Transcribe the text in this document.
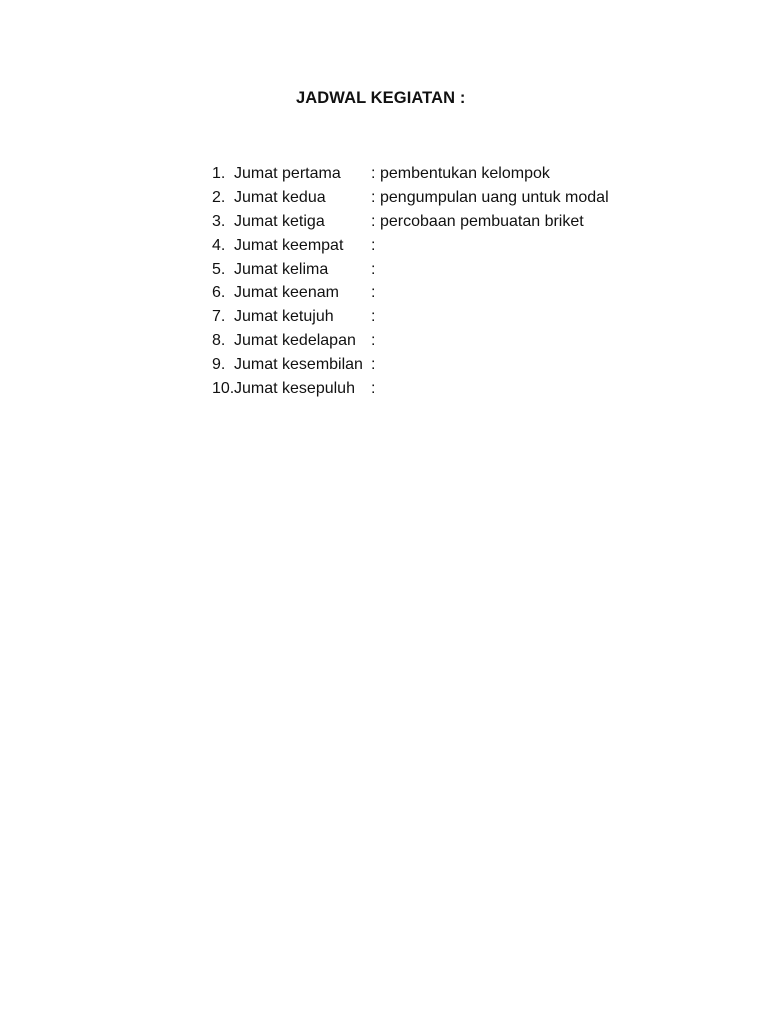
JADWAL KEGIATAN :
1. Jumat pertama : pembentukan kelompok
2. Jumat kedua	: pengumpulan uang untuk modal
3. Jumat ketiga	: percobaan pembuatan briket
4. Jumat keempat :
5. Jumat kelima	:
6. Jumat keenam :
7. Jumat ketujuh :
8. Jumat kedelapan :
9. Jumat kesembilan :
10. Jumat kesepuluh :
